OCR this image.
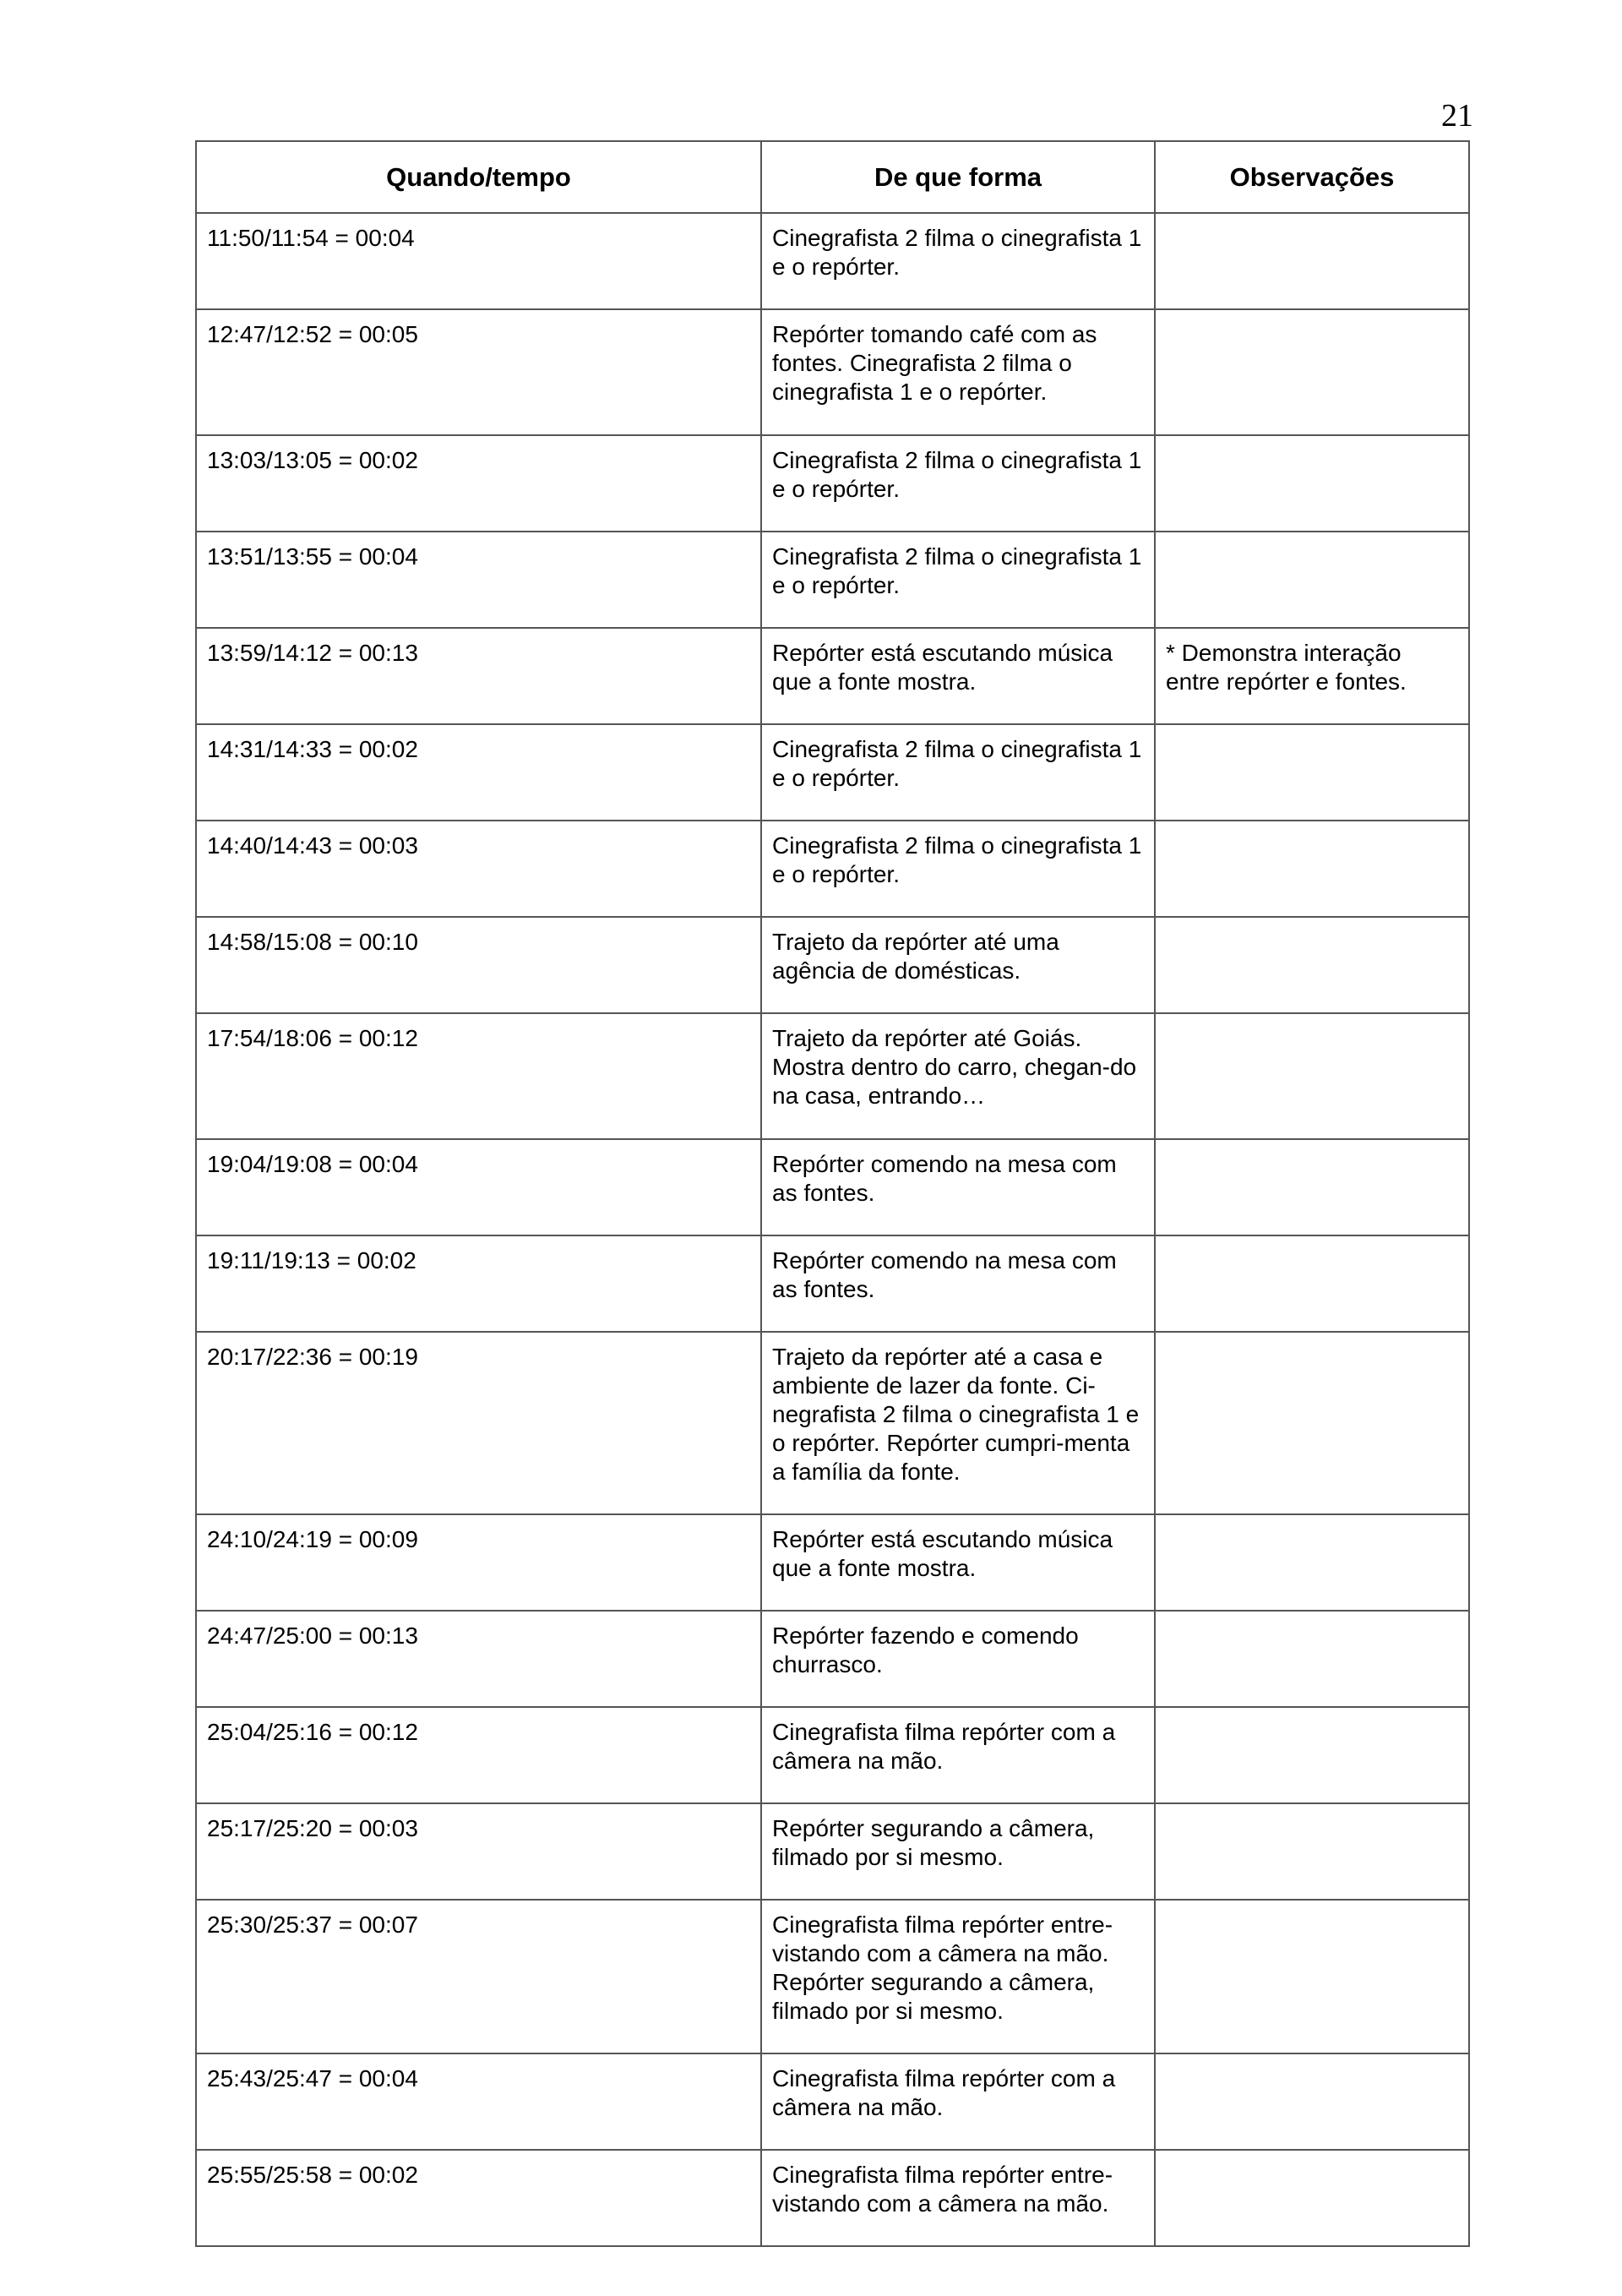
21
Quando/tempo	De que forma	Observações
11:50/11:54 = 00:04	Cinegrafista 2 filma o cinegrafista 1 e o repórter.	
12:47/12:52 = 00:05	Repórter tomando café com as fontes. Cinegrafista 2 filma o cinegrafista 1 e o repórter.	
13:03/13:05 = 00:02	Cinegrafista 2 filma o cinegrafista 1 e o repórter.	
13:51/13:55 = 00:04	Cinegrafista 2 filma o cinegrafista 1 e o repórter.	
13:59/14:12 = 00:13	Repórter está escutando música que a fonte mostra.	* Demonstra interação entre repórter e fontes.
14:31/14:33 = 00:02	Cinegrafista 2 filma o cinegrafista 1 e o repórter.	
14:40/14:43 = 00:03	Cinegrafista 2 filma o cinegrafista 1 e o repórter.	
14:58/15:08 = 00:10	Trajeto da repórter até uma agência de domésticas.	
17:54/18:06 = 00:12	Trajeto da repórter até Goiás. Mostra dentro do carro, chegan-do na casa, entrando…	
19:04/19:08 = 00:04	Repórter comendo na mesa com as fontes.	
19:11/19:13 = 00:02	Repórter comendo na mesa com as fontes.	
20:17/22:36 = 00:19	Trajeto da repórter até a casa e ambiente de lazer da fonte. Ci-negrafista 2 filma o cinegrafista 1 e o repórter. Repórter cumpri-menta a família da fonte.	
24:10/24:19 = 00:09	Repórter está escutando música que a fonte mostra.	
24:47/25:00 = 00:13	Repórter fazendo e comendo churrasco.	
25:04/25:16 = 00:12	Cinegrafista filma repórter com a câmera na mão.	
25:17/25:20 = 00:03	Repórter segurando a câmera, filmado por si mesmo.	
25:30/25:37 = 00:07	Cinegrafista filma repórter entre-vistando com a câmera na mão. Repórter segurando a câmera, filmado por si mesmo.	
25:43/25:47 = 00:04	Cinegrafista filma repórter com a câmera na mão.	
25:55/25:58 = 00:02	Cinegrafista filma repórter entre-vistando com a câmera na mão.	
